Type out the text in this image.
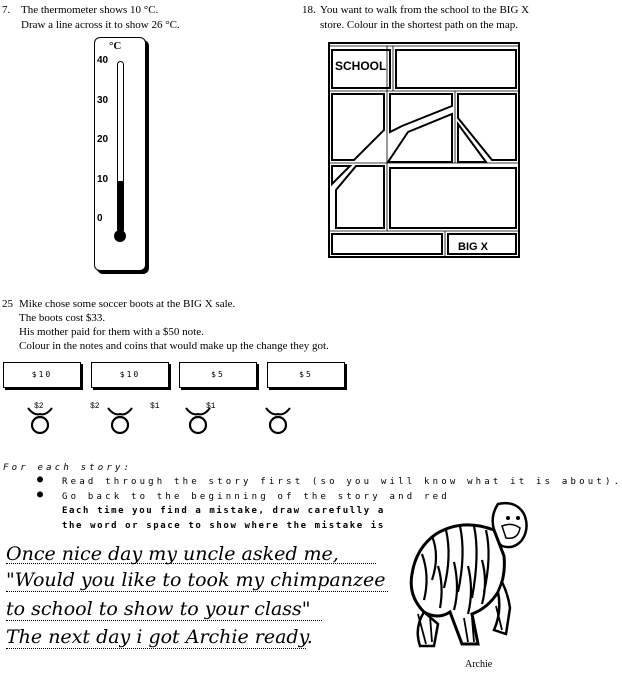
7. The thermometer shows 10 °C.
Draw a line across it to show 26 °C.
°C
40
30
20
10
0
18. You want to walk from the school to the BIG X
store. Colour in the shortest path on the map.
SCHOOL
BIG X
25 Mike chose some soccer boots at the BIG X sale.
The boots cost $33.
His mother paid for them with a $50 note.
Colour in the notes and coins that would make up the change they got.
$10	$10	$5	$5
$2	$2	$1	$1
For each story:
● Read through the story first (so you will know what it is about).
● Go back to the beginning of the story and red
Each time you find a mistake, draw carefully a
the word or space to show where the mistake is
Once nice day my uncle asked me,
"Would you like to took my chimpanzee
to school to show to your class"
The next day i got Archie ready.
Archie
